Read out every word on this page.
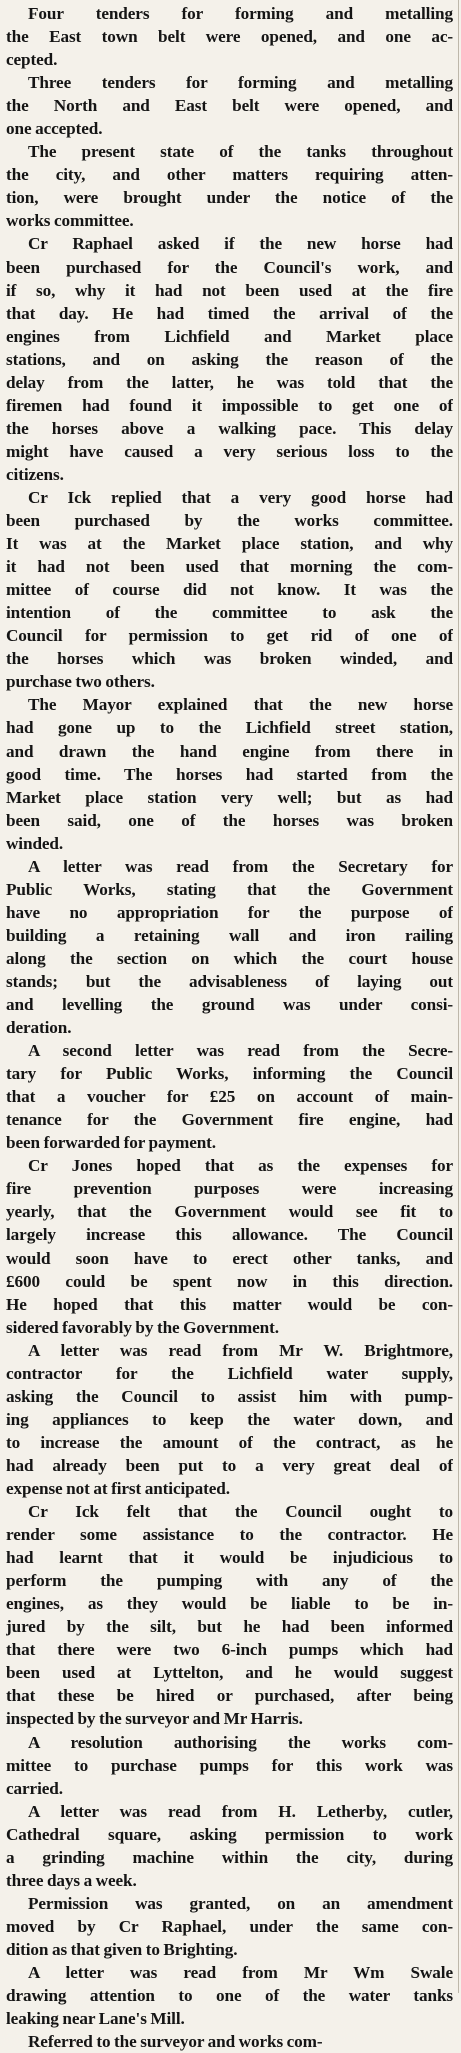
Four tenders for forming and metalling
the East town belt were opened, and one ac-
cepted.

Three tenders for forming and metalling
the North and East belt were opened, and
one accepted.

The present state of the tanks throughout
the city, and other matters requiring atten-
tion, were brought under the notice of the
works committee.

Cr Raphael asked if the new horse had
been purchased for the Council's work, and
if so, why it had not been used at the fire
that day. He had timed the arrival of the
engines from Lichfield and Market place
stations, and on asking the reason of the
delay from the latter, he was told that the
firemen had found it impossible to get one of
the horses above a walking pace. This delay
might have caused a very serious loss to the
citizens.

Cr Ick replied that a very good horse had
been purchased by the works committee.
It was at the Market place station, and why
it had not been used that morning the com-
mittee of course did not know. It was the
intention of the committee to ask the
Council for permission to get rid of one of
the horses which was broken winded, and
purchase two others.

The Mayor explained that the new horse
had gone up to the Lichfield street station,
and drawn the hand engine from there in
good time. The horses had started from the
Market place station very well; but as had
been said, one of the horses was broken
winded.

A letter was read from the Secretary for
Public Works, stating that the Government
have no appropriation for the purpose of
building a retaining wall and iron railing
along the section on which the court house
stands; but the advisableness of laying out
and levelling the ground was under consi-
deration.

A second letter was read from the Secre-
tary for Public Works, informing the Council
that a voucher for £25 on account of main-
tenance for the Government fire engine, had
been forwarded for payment.

Cr Jones hoped that as the expenses for
fire prevention purposes were increasing
yearly, that the Government would see fit to
largely increase this allowance. The Council
would soon have to erect other tanks, and
£600 could be spent now in this direction.
He hoped that this matter would be con-
sidered favorably by the Government.

A letter was read from Mr W. Brightmore,
contractor for the Lichfield water supply,
asking the Council to assist him with pump-
ing appliances to keep the water down, and
to increase the amount of the contract, as he
had already been put to a very great deal of
expense not at first anticipated.

Cr Ick felt that the Council ought to
render some assistance to the contractor. He
had learnt that it would be injudicious to
perform the pumping with any of the
engines, as they would be liable to be in-
jured by the silt, but he had been informed
that there were two 6-inch pumps which had
been used at Lyttelton, and he would suggest
that these be hired or purchased, after being
inspected by the surveyor and Mr Harris.

A resolution authorising the works com-
mittee to purchase pumps for this work was
carried.

A letter was read from H. Letherby, cutler,
Cathedral square, asking permission to work
a grinding machine within the city, during
three days a week.

Permission was granted, on an amendment
moved by Cr Raphael, under the same con-
dition as that given to Brighting.

A letter was read from Mr Wm Swale
drawing attention to one of the water tanks
leaking near Lane's Mill.

Referred to the surveyor and works com-
